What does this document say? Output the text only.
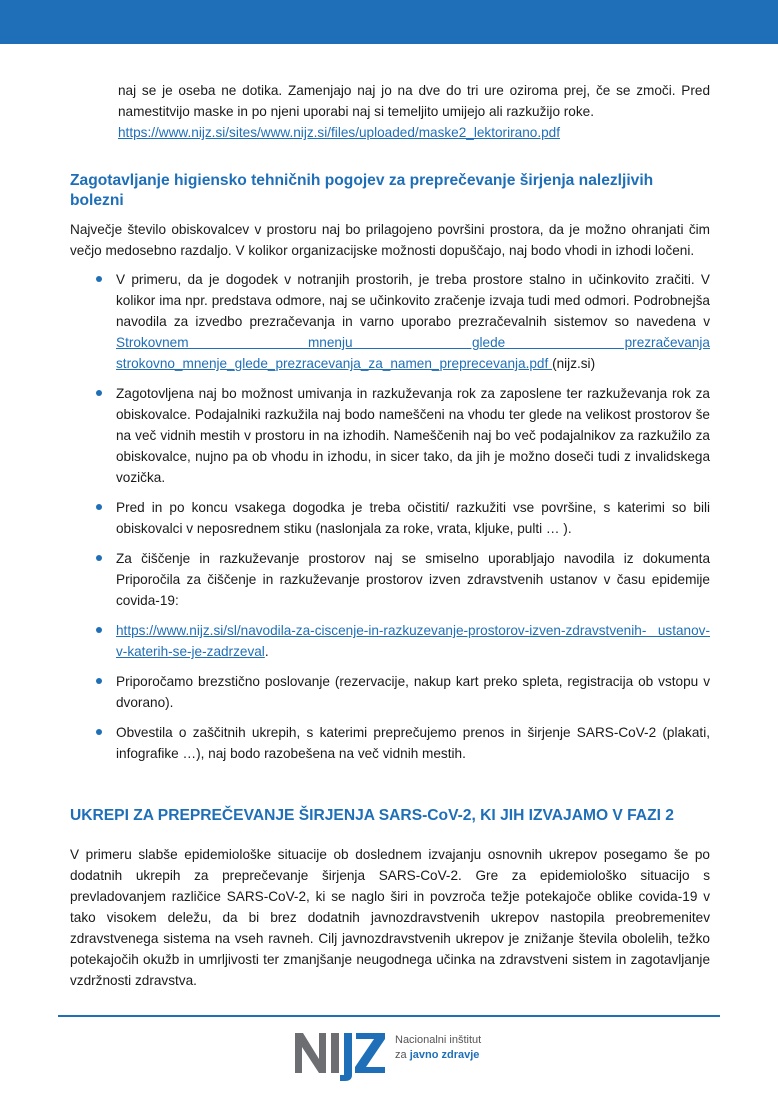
naj se je oseba ne dotika. Zamenjajo naj jo na dve do tri ure oziroma prej, če se zmoči. Pred namestitvijo maske in po njeni uporabi naj si temeljito umijejo ali razkužijo roke.

https://www.nijz.si/sites/www.nijz.si/files/uploaded/maske2_lektorirano.pdf
Zagotavljanje higiensko tehničnih pogojev za preprečevanje širjenja nalezljivih bolezni

Največje število obiskovalcev v prostoru naj bo prilagojeno površini prostora, da je možno ohranjati čim večjo medosebno razdaljo. V kolikor organizacijske možnosti dopuščajo, naj bodo vhodi in izhodi ločeni.

V primeru, da je dogodek v notranjih prostorih, je treba prostore stalno in učinkovito zračiti. V kolikor ima npr. predstava odmore, naj se učinkovito zračenje izvaja tudi med odmori. Podrobnejša navodila za izvedbo prezračevanja in varno uporabo prezračevalnih sistemov so navedena v Strokovnem mnenju glede prezračevanja strokovno_mnenje_glede_prezracevanja_za_namen_preprecevanja.pdf (nijz.si)
Zagotovljena naj bo možnost umivanja in razkuževanja rok za zaposlene ter razkuževanja rok za obiskovalce. Podajalniki razkužila naj bodo nameščeni na vhodu ter glede na velikost prostorov še na več vidnih mestih v prostoru in na izhodih. Nameščenih naj bo več podajalnikov za razkužilo za obiskovalce, nujno pa ob vhodu in izhodu, in sicer tako, da jih je možno doseči tudi z invalidskega vozička.
Pred in po koncu vsakega dogodka je treba očistiti/ razkužiti vse površine, s katerimi so bili obiskovalci v neposrednem stiku (naslonjala za roke, vrata, kljuke, pulti … ).
Za čiščenje in razkuževanje prostorov naj se smiselno uporabljajo navodila iz dokumenta Priporočila za čiščenje in razkuževanje prostorov izven zdravstvenih ustanov v času epidemije covida-19:
https://www.nijz.si/sl/navodila-za-ciscenje-in-razkuzevanje-prostorov-izven-zdravstvenih- ustanov-v-katerih-se-je-zadrzeval.
Priporočamo brezstično poslovanje (rezervacije, nakup kart preko spleta, registracija ob vstopu v dvorano).
Obvestila o zaščitnih ukrepih, s katerimi preprečujemo prenos in širjenje SARS-CoV-2 (plakati, infografike …), naj bodo razobešena na več vidnih mestih.
UKREPI ZA PREPREČEVANJE ŠIRJENJA SARS-CoV-2, KI JIH IZVAJAMO V FAZI 2

V primeru slabše epidemiološke situacije ob doslednem izvajanju osnovnih ukrepov posegamo še po dodatnih ukrepih za preprečevanje širjenja SARS-CoV-2. Gre za epidemiološko situacijo s prevladovanjem različice SARS-CoV-2, ki se naglo širi in povzroča težje potekajoče oblike covida-19 v tako visokem deležu, da bi brez dodatnih javnozdravstvenih ukrepov nastopila preobremenitev zdravstvenega sistema na vseh ravneh. Cilj javnozdravstvenih ukrepov je znižanje števila obolelih, težko potekajočih okužb in umrljivosti ter zmanjšanje neugodnega učinka na zdravstveni sistem in zagotavljanje vzdržnosti zdravstva.

Nacionalni inštitut
za javno zdravje
